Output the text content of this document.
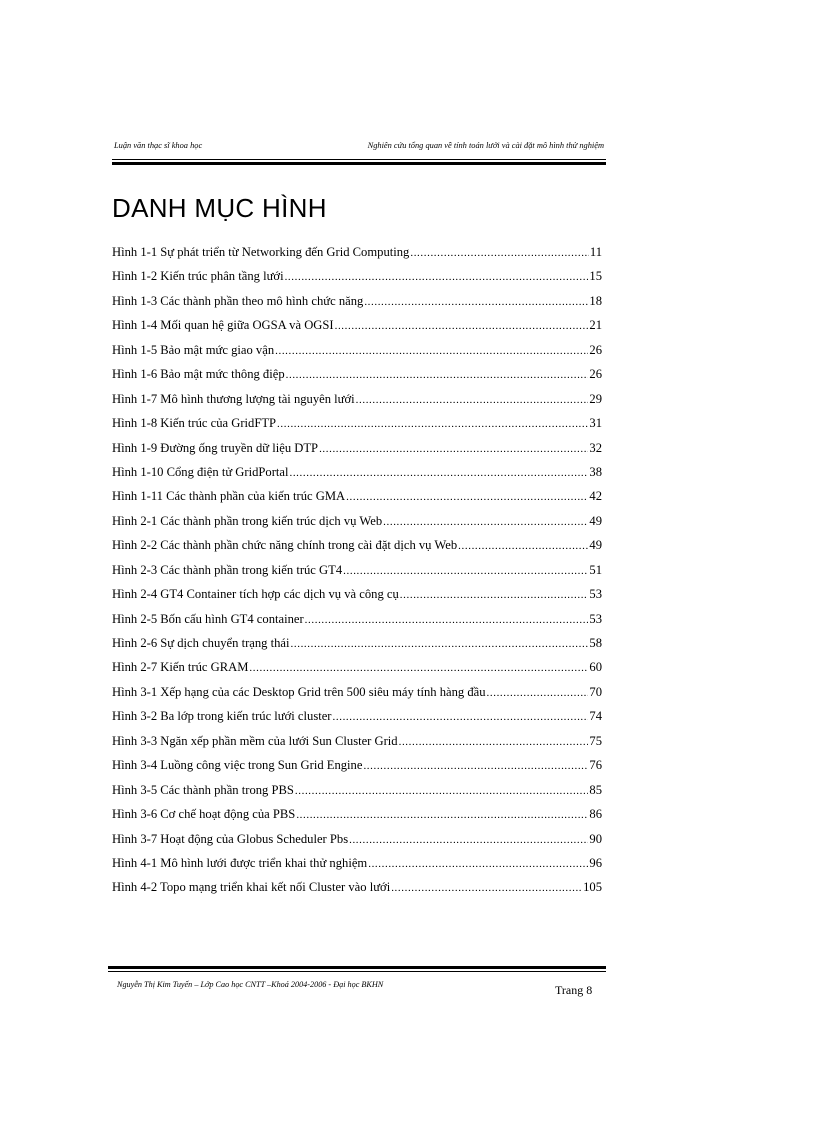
Luận văn thạc sĩ khoa học	Nghiên cứu tổng quan về tính toán lưới và cài đặt mô hình thử nghiệm
DANH MỤC HÌNH
Hình 1-1 Sự phát triển từ Networking đến Grid Computing .....	11
Hình 1-2 Kiến trúc phân tầng lưới .....	15
Hình 1-3 Các thành phần theo mô hình chức năng .....	18
Hình 1-4 Mối quan hệ giữa OGSA và OGSI .....	21
Hình 1-5 Bảo mật mức giao vận .....	26
Hình 1-6 Bảo mật mức thông điệp .....	26
Hình 1-7 Mô hình thương lượng tài nguyên lưới .....	29
Hình 1-8 Kiến trúc của GridFTP .....	31
Hình 1-9 Đường ống truyền dữ liệu DTP .....	32
Hình 1-10 Cổng điện tử GridPortal .....	38
Hình 1-11 Các thành phần của kiến trúc GMA .....	42
Hình 2-1 Các thành phần trong kiến trúc dịch vụ Web .....	49
Hình 2-2 Các thành phần chức năng chính trong cài đặt dịch vụ Web .....	49
Hình 2-3 Các thành phần trong kiến trúc GT4 .....	51
Hình 2-4 GT4 Container tích hợp các dịch vụ và công cụ .....	53
Hình 2-5 Bốn cấu hình GT4 container .....	53
Hình 2-6 Sự dịch chuyển trạng thái .....	58
Hình 2-7 Kiến trúc GRAM .....	60
Hình 3-1 Xếp hạng của các Desktop Grid trên 500 siêu máy tính hàng đầu .....	70
Hình 3-2 Ba lớp trong kiến trúc lưới cluster .....	74
Hình 3-3 Ngăn xếp phần mềm của lưới Sun Cluster Grid .....	75
Hình 3-4 Luồng công việc trong Sun Grid Engine .....	76
Hình 3-5 Các thành phần trong PBS .....	85
Hình 3-6 Cơ chế hoạt động của PBS .....	86
Hình 3-7 Hoạt động của Globus Scheduler Pbs .....	90
Hình 4-1 Mô hình lưới được triển khai thử nghiệm .....	96
Hình 4-2 Topo mạng triển khai kết nối Cluster vào lưới .....	105
Nguyễn Thị Kim Tuyến – Lớp Cao học CNTT –Khoá 2004-2006 - Đại học BKHN	Trang 8
